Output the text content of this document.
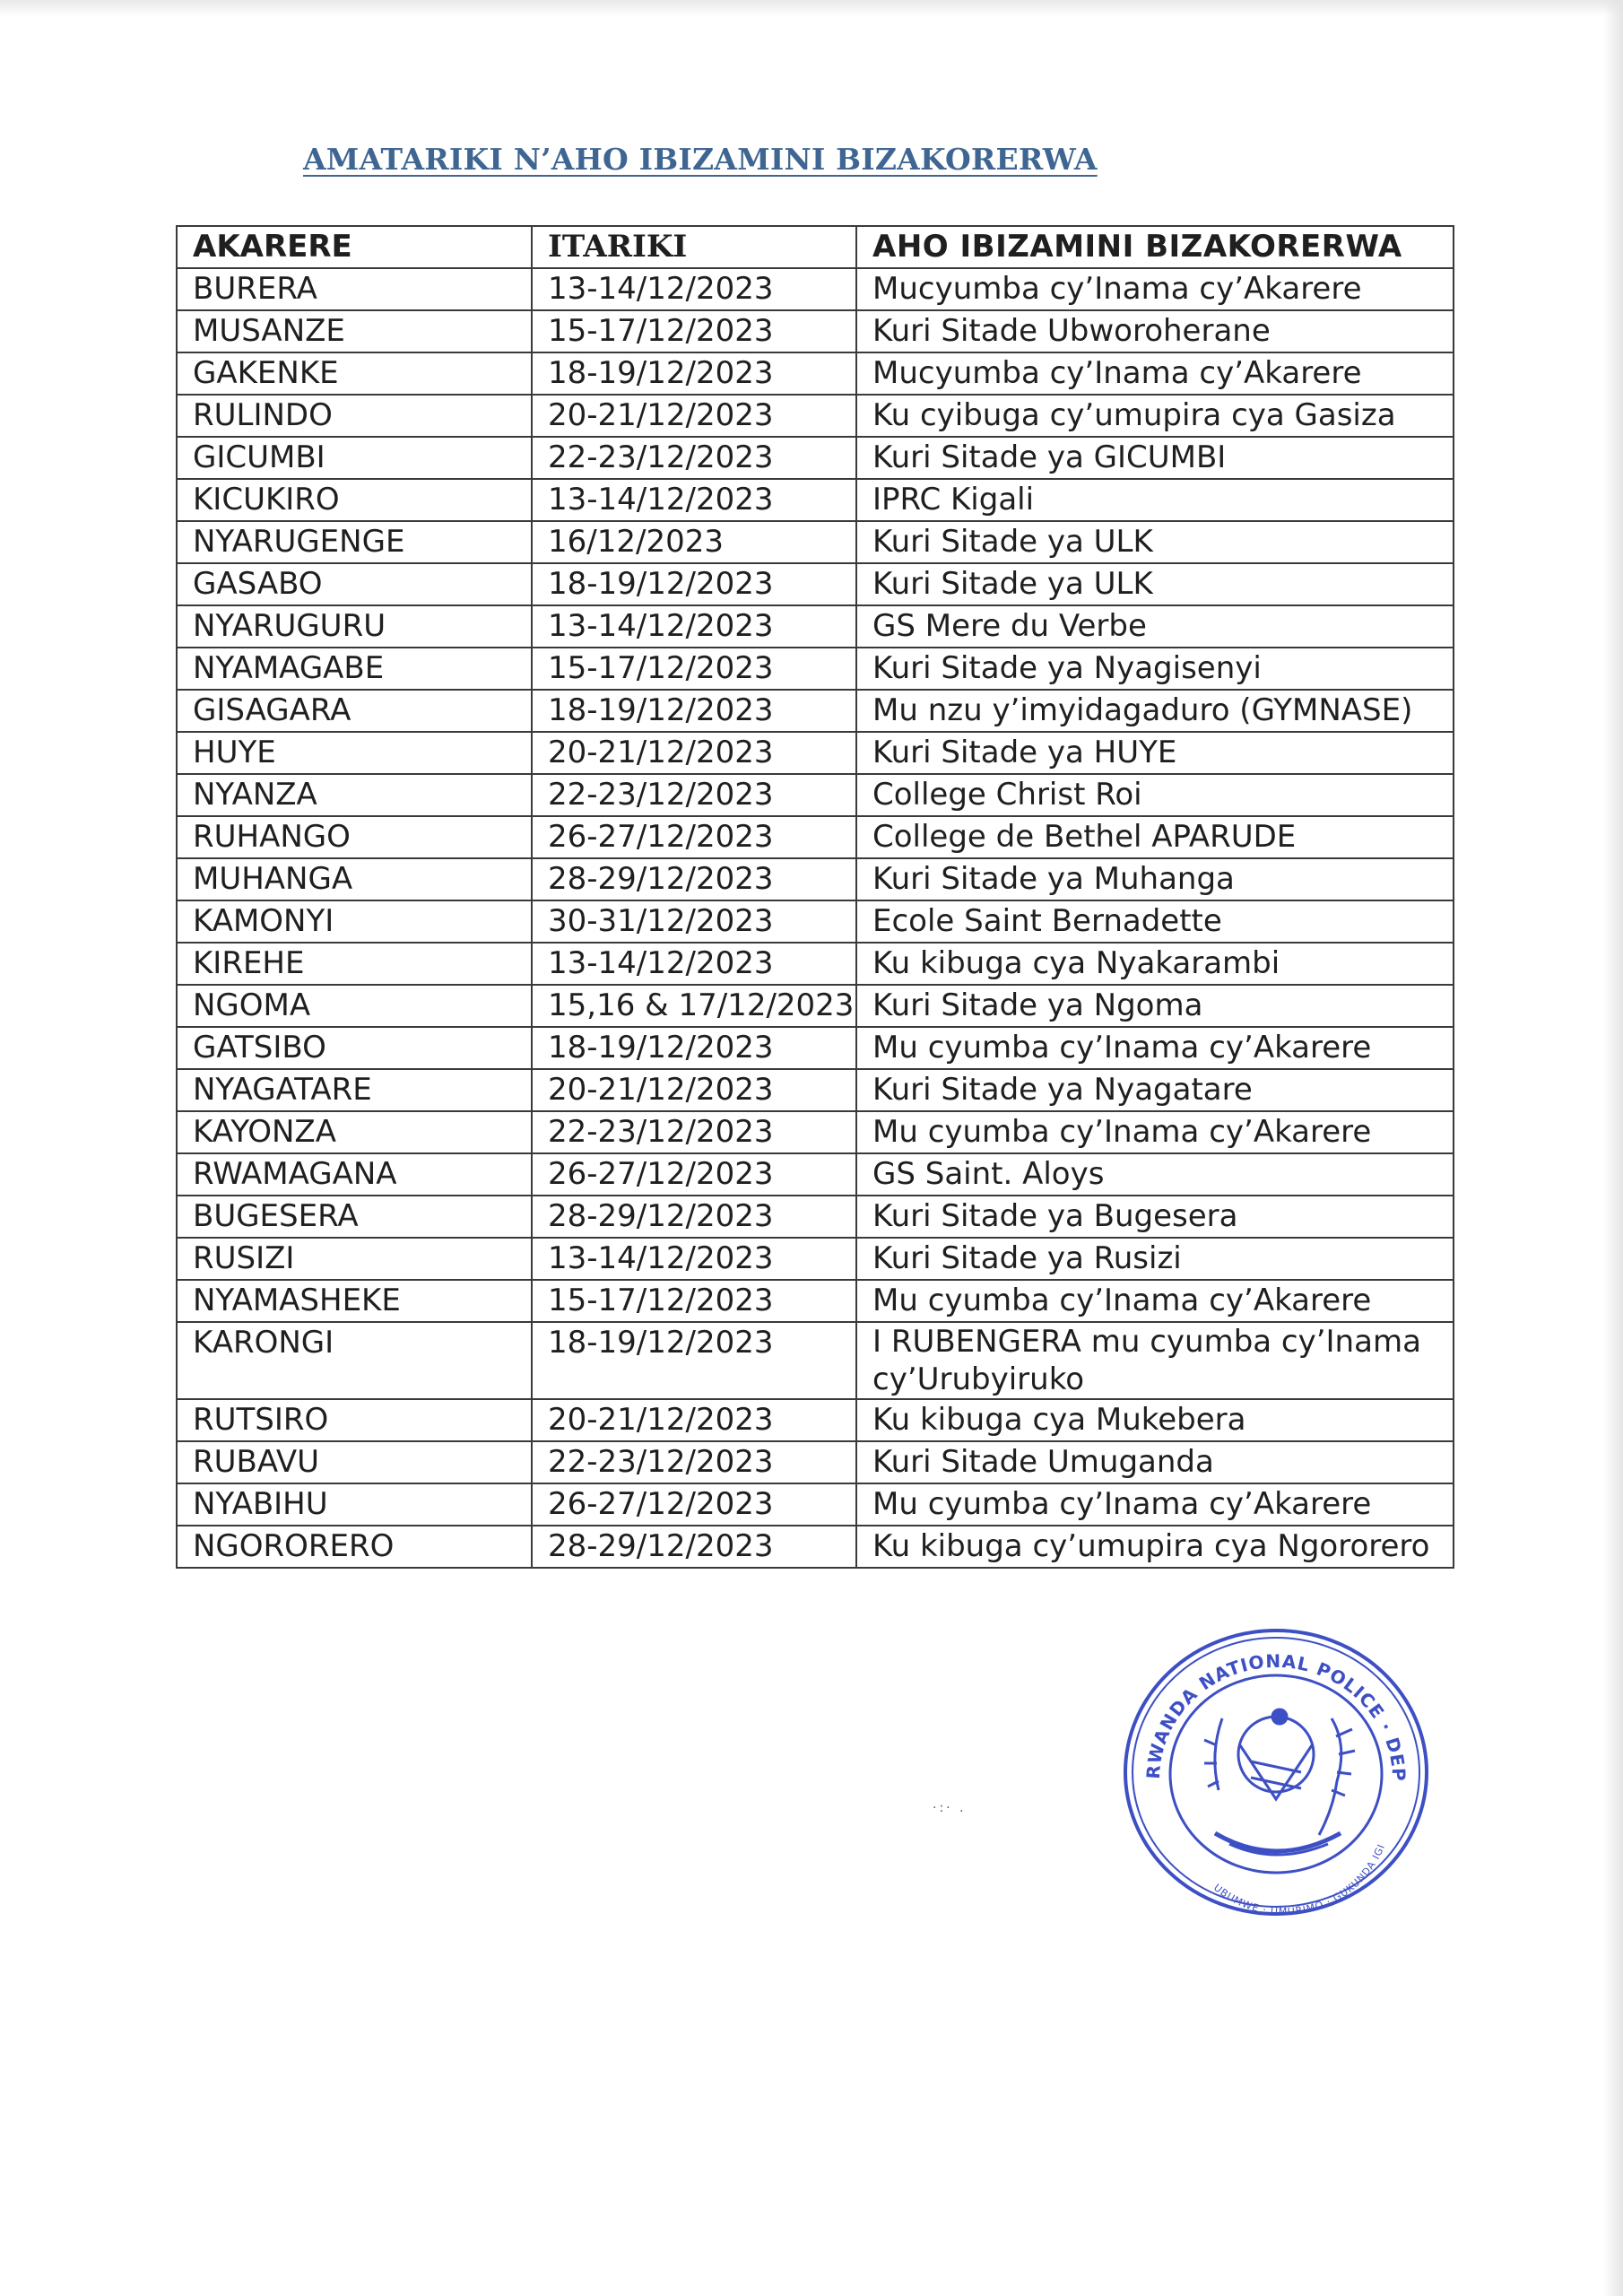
AMATARIKI N’AHO IBIZAMINI BIZAKORERWA
AKARERE	ITARIKI	AHO IBIZAMINI BIZAKORERWA
BURERA	13-14/12/2023	Mucyumba cy’Inama cy’Akarere
MUSANZE	15-17/12/2023	Kuri Sitade Ubworoherane
GAKENKE	18-19/12/2023	Mucyumba cy’Inama cy’Akarere
RULINDO	20-21/12/2023	Ku cyibuga cy’umupira cya Gasiza
GICUMBI	22-23/12/2023	Kuri Sitade ya GICUMBI
KICUKIRO	13-14/12/2023	IPRC Kigali
NYARUGENGE	16/12/2023	Kuri Sitade ya ULK
GASABO	18-19/12/2023	Kuri Sitade ya ULK
NYARUGURU	13-14/12/2023	GS Mere du Verbe
NYAMAGABE	15-17/12/2023	Kuri Sitade ya Nyagisenyi
GISAGARA	18-19/12/2023	Mu nzu y’imyidagaduro (GYMNASE)
HUYE	20-21/12/2023	Kuri Sitade ya HUYE
NYANZA	22-23/12/2023	College Christ Roi
RUHANGO	26-27/12/2023	College de Bethel APARUDE
MUHANGA	28-29/12/2023	Kuri Sitade ya Muhanga
KAMONYI	30-31/12/2023	Ecole Saint Bernadette
KIREHE	13-14/12/2023	Ku kibuga cya Nyakarambi
NGOMA	15,16 & 17/12/2023	Kuri Sitade ya Ngoma
GATSIBO	18-19/12/2023	Mu cyumba cy’Inama cy’Akarere
NYAGATARE	20-21/12/2023	Kuri Sitade ya Nyagatare
KAYONZA	22-23/12/2023	Mu cyumba cy’Inama cy’Akarere
RWAMAGANA	26-27/12/2023	GS Saint. Aloys
BUGESERA	28-29/12/2023	Kuri Sitade ya Bugesera
RUSIZI	13-14/12/2023	Kuri Sitade ya Rusizi
NYAMASHEKE	15-17/12/2023	Mu cyumba cy’Inama cy’Akarere
KARONGI	18-19/12/2023	I RUBENGERA mu cyumba cy’Inama cy’Urubyiruko
RUTSIRO	20-21/12/2023	Ku kibuga cya Mukebera
RUBAVU	22-23/12/2023	Kuri Sitade Umuganda
NYABIHU	26-27/12/2023	Mu cyumba cy’Inama cy’Akarere
NGORORERO	28-29/12/2023	Ku kibuga cy’umupira cya Ngororero
RWANDA NATIONAL POLICE · DEP
UBUMWE · UMURIMO · GUKUNDA IGI
·:· .
